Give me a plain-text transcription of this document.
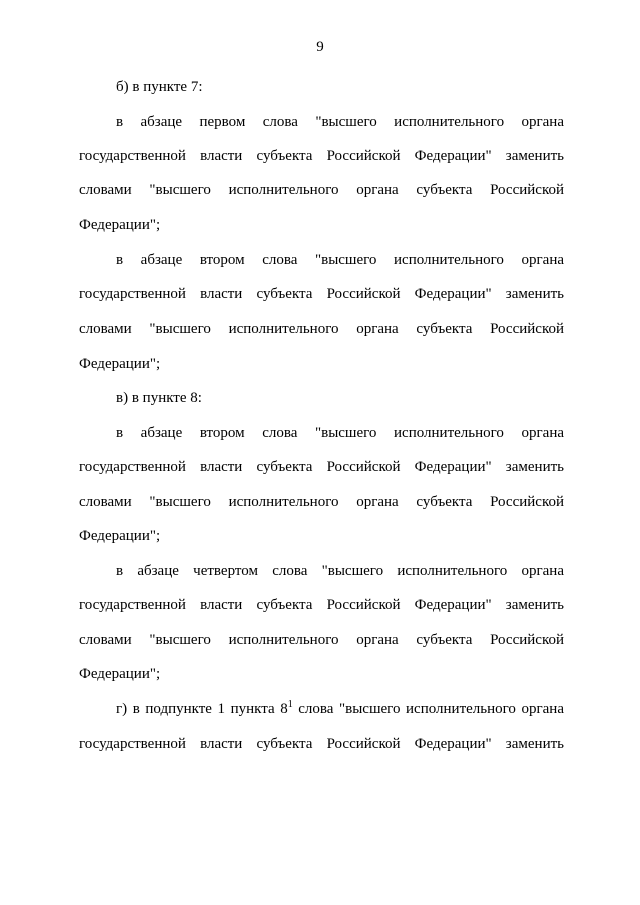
9
б) в пункте 7:
в абзаце первом слова "высшего исполнительного органа
государственной власти субъекта Российской Федерации" заменить
словами "высшего исполнительного органа субъекта Российской
Федерации";
в абзаце втором слова "высшего исполнительного органа
государственной власти субъекта Российской Федерации" заменить
словами "высшего исполнительного органа субъекта Российской
Федерации";
в) в пункте 8:
в абзаце втором слова "высшего исполнительного органа
государственной власти субъекта Российской Федерации" заменить
словами "высшего исполнительного органа субъекта Российской
Федерации";
в абзаце четвертом слова "высшего исполнительного органа
государственной власти субъекта Российской Федерации" заменить
словами "высшего исполнительного органа субъекта Российской
Федерации";
г) в подпункте 1 пункта $8^1$ слова "высшего исполнительного органа
государственной власти субъекта Российской Федерации" заменить
